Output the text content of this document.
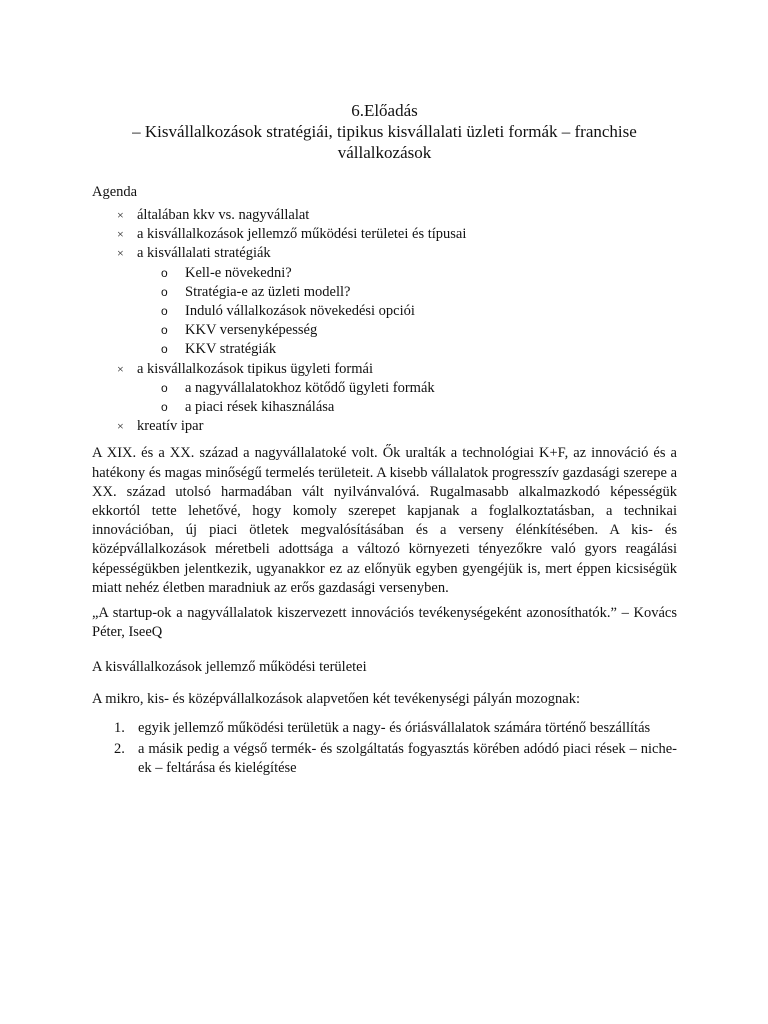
6.Előadás
– Kisvállalkozások stratégiái, tipikus kisvállalati üzleti formák – franchise vállalkozások
Agenda
× általában kkv vs. nagyvállalat
× a kisvállalkozások jellemző működési területei és típusai
× a kisvállalati stratégiák
o Kell-e növekedni?
o Stratégia-e az üzleti modell?
o Induló vállalkozások növekedési opciói
o KKV versenyképesség
o KKV stratégiák
× a kisvállalkozások tipikus ügyleti formái
o a nagyvállalatokhoz kötődő ügyleti formák
o a piaci rések kihasználása
× kreatív ipar

A XIX. és a XX. század a nagyvállalatoké volt. Ők uralták a technológiai K+F, az innováció és a hatékony és magas minőségű termelés területeit. A kisebb vállalatok progresszív gazdasági szerepe a XX. század utolsó harmadában vált nyilvánvalóvá. Rugalmasabb alkalmazkodó képességük ekkortól tette lehetővé, hogy komoly szerepet kapjanak a foglalkoztatásban, a technikai innovációban, új piaci ötletek megvalósításában és a verseny élénkítésében. A kis- és középvállalkozások méretbeli adottsága a változó környezeti tényezőkre való gyors reagálási képességükben jelentkezik, ugyanakkor ez az előnyük egyben gyengéjük is, mert éppen kicsiségük miatt nehéz életben maradniuk az erős gazdasági versenyben.

„A startup-ok a nagyvállalatok kiszervezett innovációs tevékenységeként azonosíthatók.” – Kovács Péter, IseeQ

A kisvállalkozások jellemző működési területei

A mikro, kis- és középvállalkozások alapvetően két tevékenységi pályán mozognak:

1. egyik jellemző működési területük a nagy- és óriásvállalatok számára történő beszállítás
2. a másik pedig a végső termék- és szolgáltatás fogyasztás körében adódó piaci rések – niche-ek – feltárása és kielégítése
